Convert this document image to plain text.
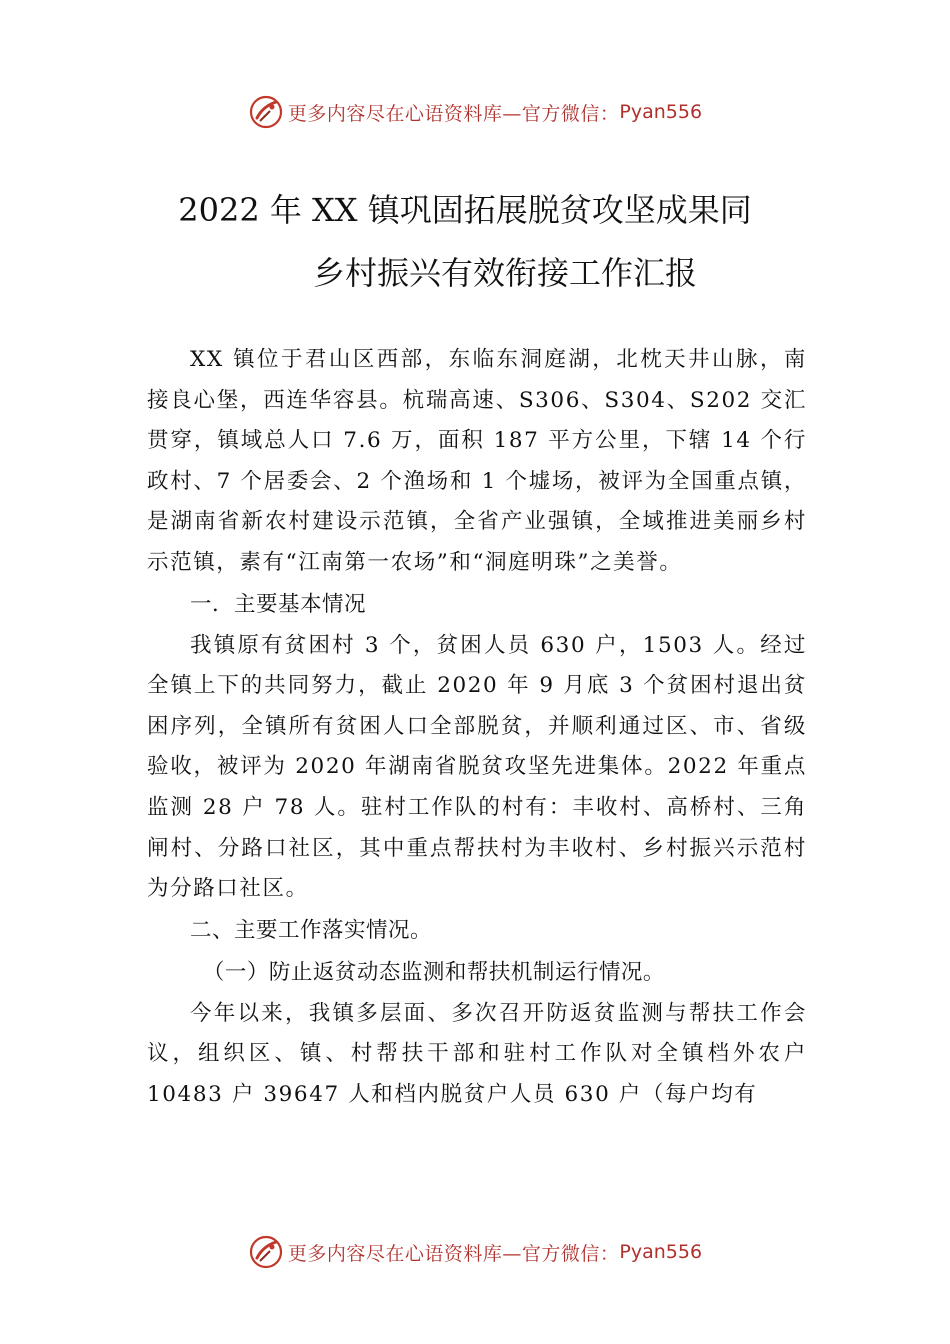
更多内容尽在心语资料库—官方微信： Pyan556
2022 年 XX 镇巩固拓展脱贫攻坚成果同
乡村振兴有效衔接工作汇报

XX 镇位于君山区西部，东临东洞庭湖，北枕天井山脉，南接良心堡，西连华容县。杭瑞高速、S306、S304、S202 交汇贯穿，镇域总人口 7.6 万，面积 187 平方公里，下辖 14 个行政村、7 个居委会、2 个渔场和 1 个墟场，被评为全国重点镇，是湖南省新农村建设示范镇，全省产业强镇，全域推进美丽乡村示范镇，素有“江南第一农场”和“洞庭明珠”之美誉。

一．主要基本情况

我镇原有贫困村 3 个，贫困人员 630 户，1503 人。经过全镇上下的共同努力，截止 2020 年 9 月底 3 个贫困村退出贫困序列，全镇所有贫困人口全部脱贫，并顺利通过区、市、省级验收，被评为 2020 年湖南省脱贫攻坚先进集体。2022 年重点监测 28 户 78 人。驻村工作队的村有：丰收村、高桥村、三角闸村、分路口社区，其中重点帮扶村为丰收村、乡村振兴示范村为分路口社区。

二、主要工作落实情况。

（一）防止返贫动态监测和帮扶机制运行情况。

今年以来，我镇多层面、多次召开防返贫监测与帮扶工作会议，组织区、镇、村帮扶干部和驻村工作队对全镇档外农户 10483 户 39647 人和档内脱贫户人员 630 户（每户均有

更多内容尽在心语资料库—官方微信： Pyan556
